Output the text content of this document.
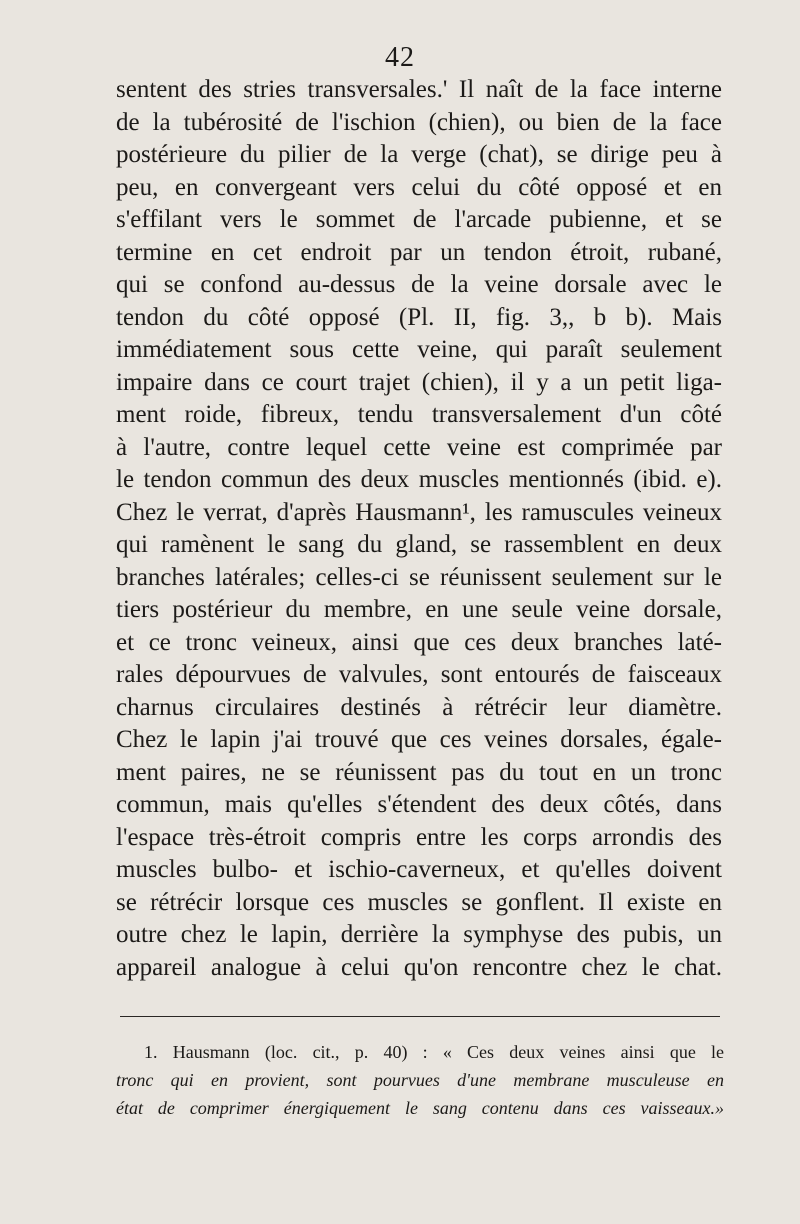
42
sentent des stries transversales.' Il naît de la face interne
de la tubérosité de l'ischion (chien), ou bien de la face
postérieure du pilier de la verge (chat), se dirige peu à
peu, en convergeant vers celui du côté opposé et en
s'effilant vers le sommet de l'arcade pubienne, et se
termine en cet endroit par un tendon étroit, rubané,
qui se confond au-dessus de la veine dorsale avec le
tendon du côté opposé (Pl. II, fig. 3,, b b). Mais
immédiatement sous cette veine, qui paraît seulement
impaire dans ce court trajet (chien), il y a un petit liga-
ment roide, fibreux, tendu transversalement d'un côté
à l'autre, contre lequel cette veine est comprimée par
le tendon commun des deux muscles mentionnés (ibid. e).
Chez le verrat, d'après Hausmann¹, les ramuscules veineux
qui ramènent le sang du gland, se rassemblent en deux
branches latérales; celles-ci se réunissent seulement sur le
tiers postérieur du membre, en une seule veine dorsale,
et ce tronc veineux, ainsi que ces deux branches laté-
rales dépourvues de valvules, sont entourés de faisceaux
charnus circulaires destinés à rétrécir leur diamètre.
Chez le lapin j'ai trouvé que ces veines dorsales, égale-
ment paires, ne se réunissent pas du tout en un tronc
commun, mais qu'elles s'étendent des deux côtés, dans
l'espace très-étroit compris entre les corps arrondis des
muscles bulbo- et ischio-caverneux, et qu'elles doivent
se rétrécir lorsque ces muscles se gonflent. Il existe en
outre chez le lapin, derrière la symphyse des pubis, un
appareil analogue à celui qu'on rencontre chez le chat.
1. Hausmann (loc. cit., p. 40) : « Ces deux veines ainsi que le
tronc qui en provient, sont pourvues d'une membrane musculeuse en
état de comprimer énergiquement le sang contenu dans ces vaisseaux.»
